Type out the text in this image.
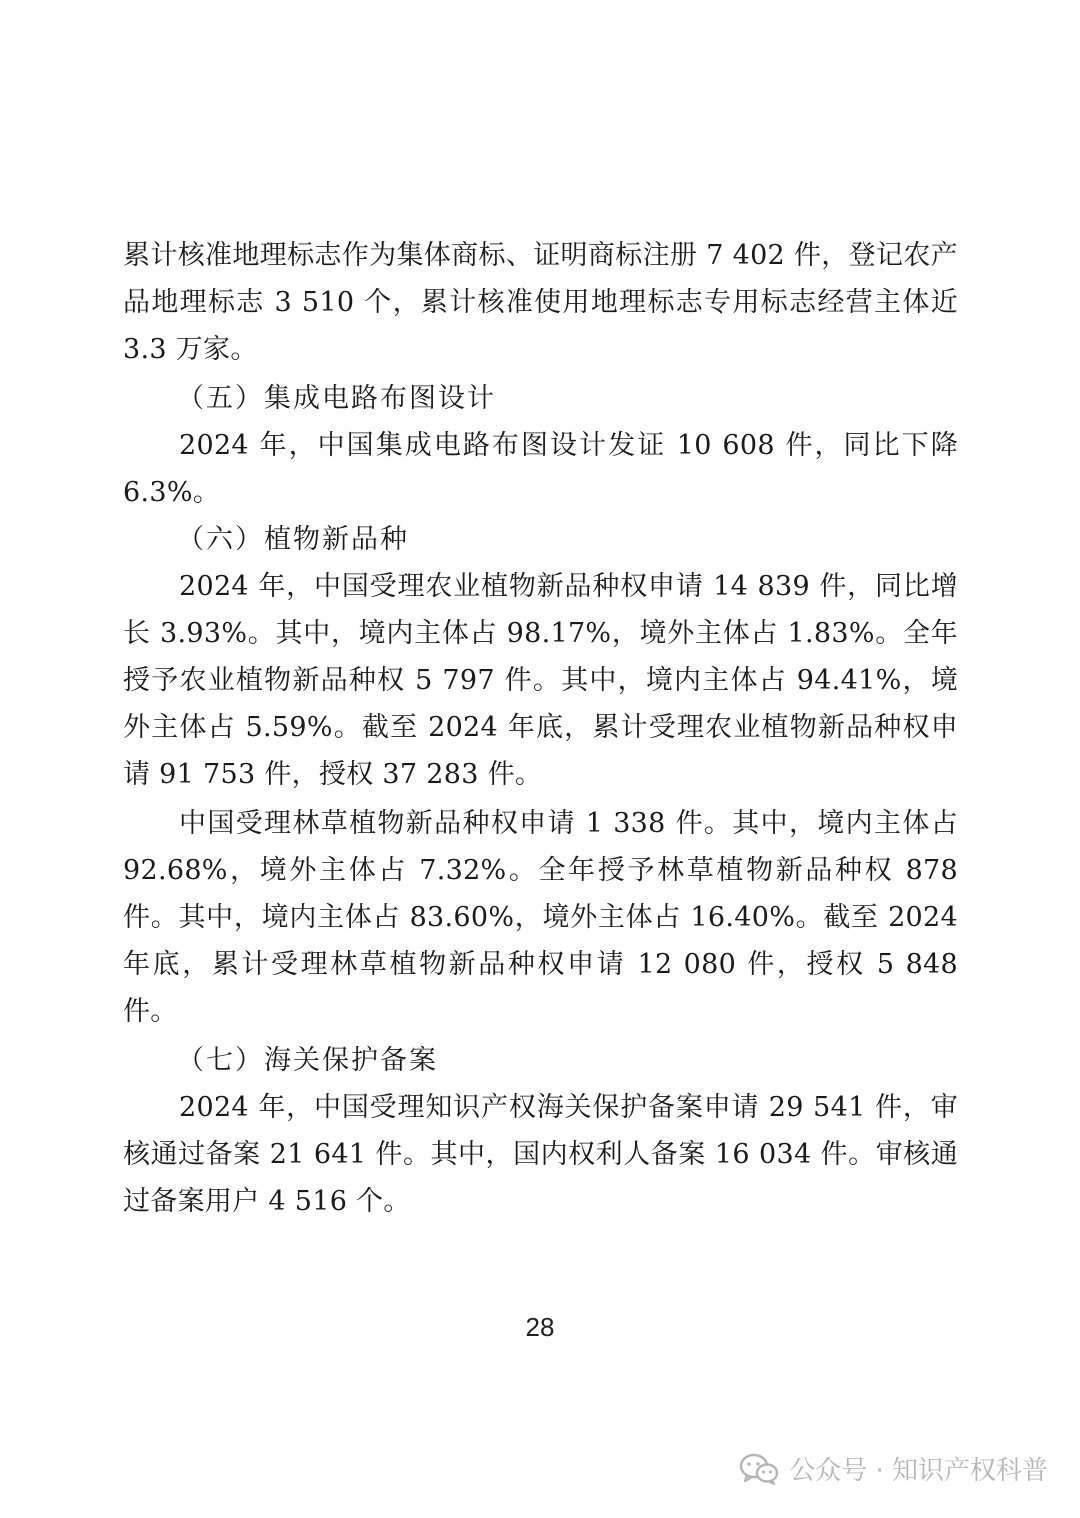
累计核准地理标志作为集体商标、证明商标注册 7 402 件，登记农产品地理标志 3 510 个，累计核准使用地理标志专用标志经营主体近 3.3 万家。

（五）集成电路布图设计

2024 年，中国集成电路布图设计发证 10 608 件，同比下降 6.3%。

（六）植物新品种

2024 年，中国受理农业植物新品种权申请 14 839 件，同比增长 3.93%。其中，境内主体占 98.17%，境外主体占 1.83%。全年授予农业植物新品种权 5 797 件。其中，境内主体占 94.41%，境外主体占 5.59%。截至 2024 年底，累计受理农业植物新品种权申请 91 753 件，授权 37 283 件。

中国受理林草植物新品种权申请 1 338 件。其中，境内主体占 92.68%，境外主体占 7.32%。全年授予林草植物新品种权 878 件。其中，境内主体占 83.60%，境外主体占 16.40%。截至 2024 年底，累计受理林草植物新品种权申请 12 080 件，授权 5 848 件。

（七）海关保护备案

2024 年，中国受理知识产权海关保护备案申请 29 541 件，审核通过备案 21 641 件。其中，国内权利人备案 16 034 件。审核通过备案用户 4 516 个。

28
公众号 · 知识产权科普
